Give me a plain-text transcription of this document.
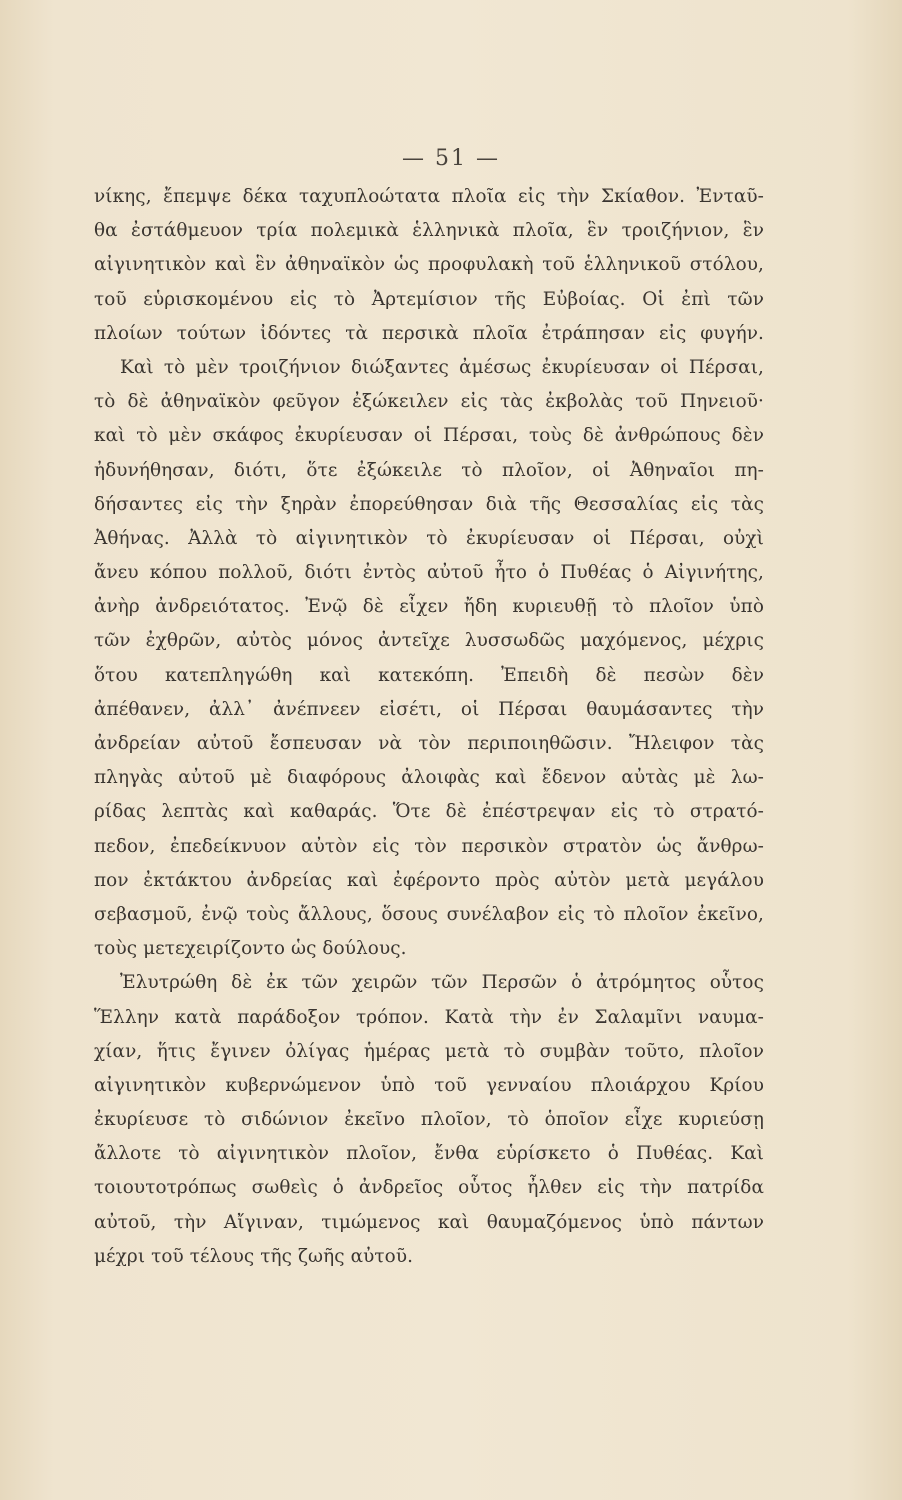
— 51 —
νίκης, ἔπεμψε δέκα ταχυπλοώτατα πλοῖα εἰς τὴν Σκίαθον. Ἐνταῦ-
θα ἐστάθμευον τρία πολεμικὰ ἑλληνικὰ πλοῖα, ἓν τροιζήνιον, ἓν
αἰγινητικὸν καὶ ἓν ἀθηναϊκὸν ὡς προφυλακὴ τοῦ ἑλληνικοῦ στόλου,
τοῦ εὑρισκομένου εἰς τὸ Ἀρτεμίσιον τῆς Εὐβοίας. Οἱ ἐπὶ τῶν
πλοίων τούτων ἰδόντες τὰ περσικὰ πλοῖα ἐτράπησαν εἰς φυγήν.
Καὶ τὸ μὲν τροιζήνιον διώξαντες ἀμέσως ἐκυρίευσαν οἱ Πέρσαι,
τὸ δὲ ἀθηναϊκὸν φεῦγον ἐξώκειλεν εἰς τὰς ἐκβολὰς τοῦ Πηνειοῦ·
καὶ τὸ μὲν σκάφος ἐκυρίευσαν οἱ Πέρσαι, τοὺς δὲ ἀνθρώπους δὲν
ἠδυνήθησαν, διότι, ὅτε ἐξώκειλε τὸ πλοῖον, οἱ Ἀθηναῖοι πη-
δήσαντες εἰς τὴν ξηρὰν ἐπορεύθησαν διὰ τῆς Θεσσαλίας εἰς τὰς
Ἀθήνας. Ἀλλὰ τὸ αἰγινητικὸν τὸ ἐκυρίευσαν οἱ Πέρσαι, οὐχὶ
ἄνευ κόπου πολλοῦ, διότι ἐντὸς αὐτοῦ ἦτο ὁ Πυθέας ὁ Αἰγινήτης,
ἀνὴρ ἀνδρειότατος. Ἐνῷ δὲ εἶχεν ἤδη κυριευθῇ τὸ πλοῖον ὑπὸ
τῶν ἐχθρῶν, αὐτὸς μόνος ἀντεῖχε λυσσωδῶς μαχόμενος, μέχρις
ὅτου κατεπληγώθη καὶ κατεκόπη. Ἐπειδὴ δὲ πεσὼν δὲν
ἀπέθανεν, ἀλλ᾽ ἀνέπνεεν εἰσέτι, οἱ Πέρσαι θαυμάσαντες τὴν
ἀνδρείαν αὐτοῦ ἔσπευσαν νὰ τὸν περιποιηθῶσιν. Ἤλειφον τὰς
πληγὰς αὐτοῦ μὲ διαφόρους ἀλοιφὰς καὶ ἔδενον αὐτὰς μὲ λω-
ρίδας λεπτὰς καὶ καθαράς. Ὅτε δὲ ἐπέστρεψαν εἰς τὸ στρατό-
πεδον, ἐπεδείκνυον αὐτὸν εἰς τὸν περσικὸν στρατὸν ὡς ἄνθρω-
πον ἐκτάκτου ἀνδρείας καὶ ἐφέροντο πρὸς αὐτὸν μετὰ μεγάλου
σεβασμοῦ, ἐνῷ τοὺς ἄλλους, ὅσους συνέλαβον εἰς τὸ πλοῖον ἐκεῖνο,
τοὺς μετεχειρίζοντο ὡς δούλους.
Ἐλυτρώθη δὲ ἐκ τῶν χειρῶν τῶν Περσῶν ὁ ἀτρόμητος οὗτος
Ἕλλην κατὰ παράδοξον τρόπον. Κατὰ τὴν ἐν Σαλαμῖνι ναυμα-
χίαν, ἥτις ἔγινεν ὀλίγας ἡμέρας μετὰ τὸ συμβὰν τοῦτο, πλοῖον
αἰγινητικὸν κυβερνώμενον ὑπὸ τοῦ γενναίου πλοιάρχου Κρίου
ἐκυρίευσε τὸ σιδώνιον ἐκεῖνο πλοῖον, τὸ ὁποῖον εἶχε κυριεύσῃ
ἄλλοτε τὸ αἰγινητικὸν πλοῖον, ἔνθα εὑρίσκετο ὁ Πυθέας. Καὶ
τοιουτοτρόπως σωθεὶς ὁ ἀνδρεῖος οὗτος ἦλθεν εἰς τὴν πατρίδα
αὐτοῦ, τὴν Αἴγιναν, τιμώμενος καὶ θαυμαζόμενος ὑπὸ πάντων
μέχρι τοῦ τέλους τῆς ζωῆς αὐτοῦ.
